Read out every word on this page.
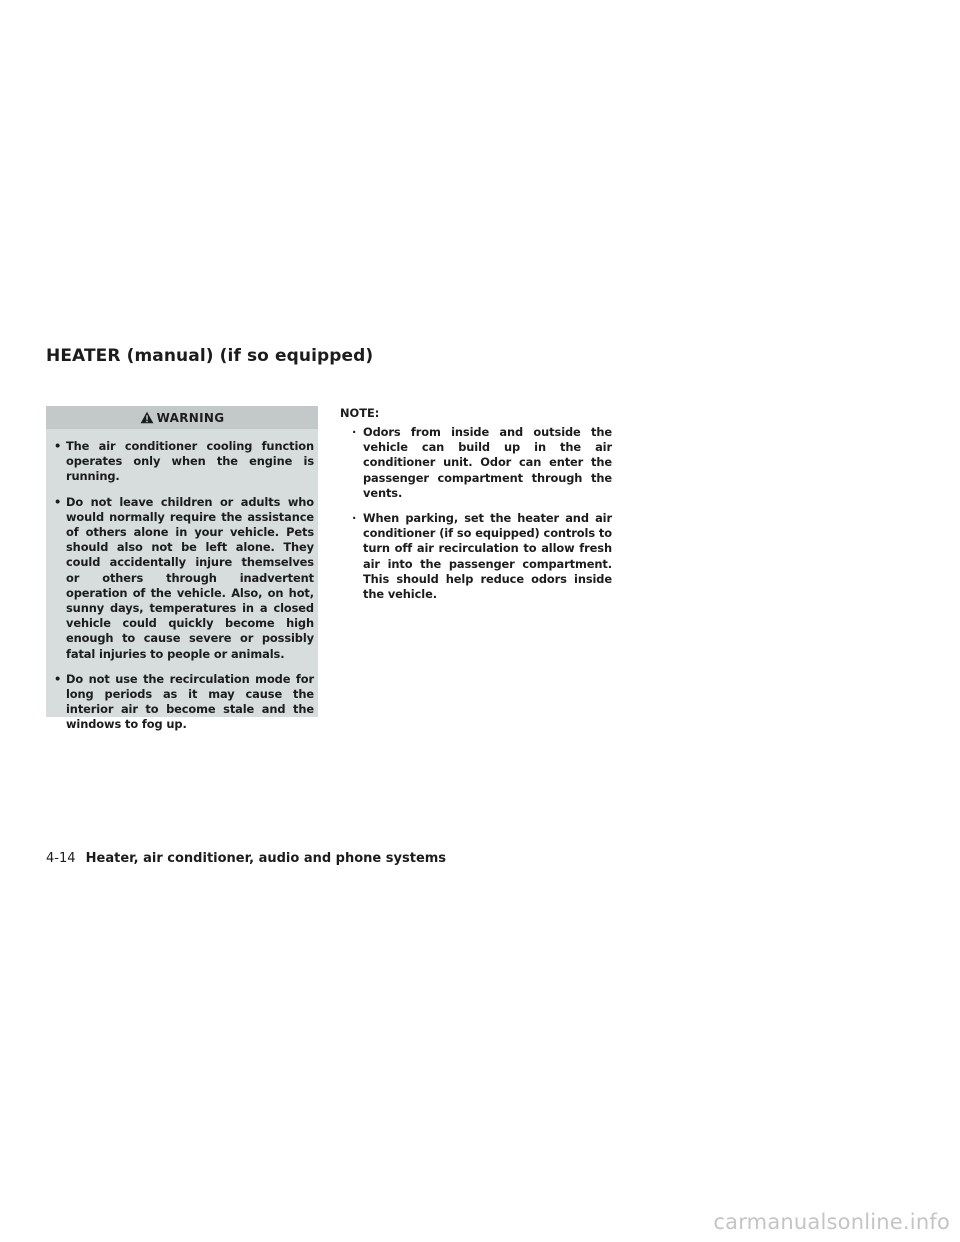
HEATER (manual) (if so equipped)
WARNING
• The air conditioner cooling function operates only when the engine is running.
• Do not leave children or adults who would normally require the assistance of others alone in your vehicle. Pets should also not be left alone. They could accidentally injure themselves or others through inadvertent operation of the vehicle. Also, on hot, sunny days, temperatures in a closed vehicle could quickly become high enough to cause severe or possibly fatal injuries to people or animals.
• Do not use the recirculation mode for long periods as it may cause the interior air to become stale and the windows to fog up.

NOTE:

· Odors from inside and outside the vehicle can build up in the air conditioner unit. Odor can enter the passenger compartment through the vents.
· When parking, set the heater and air conditioner (if so equipped) controls to turn off air recirculation to allow fresh air into the passenger compartment. This should help reduce odors inside the vehicle.
4-14 Heater, air conditioner, audio and phone systems
carmanualsonline.info
